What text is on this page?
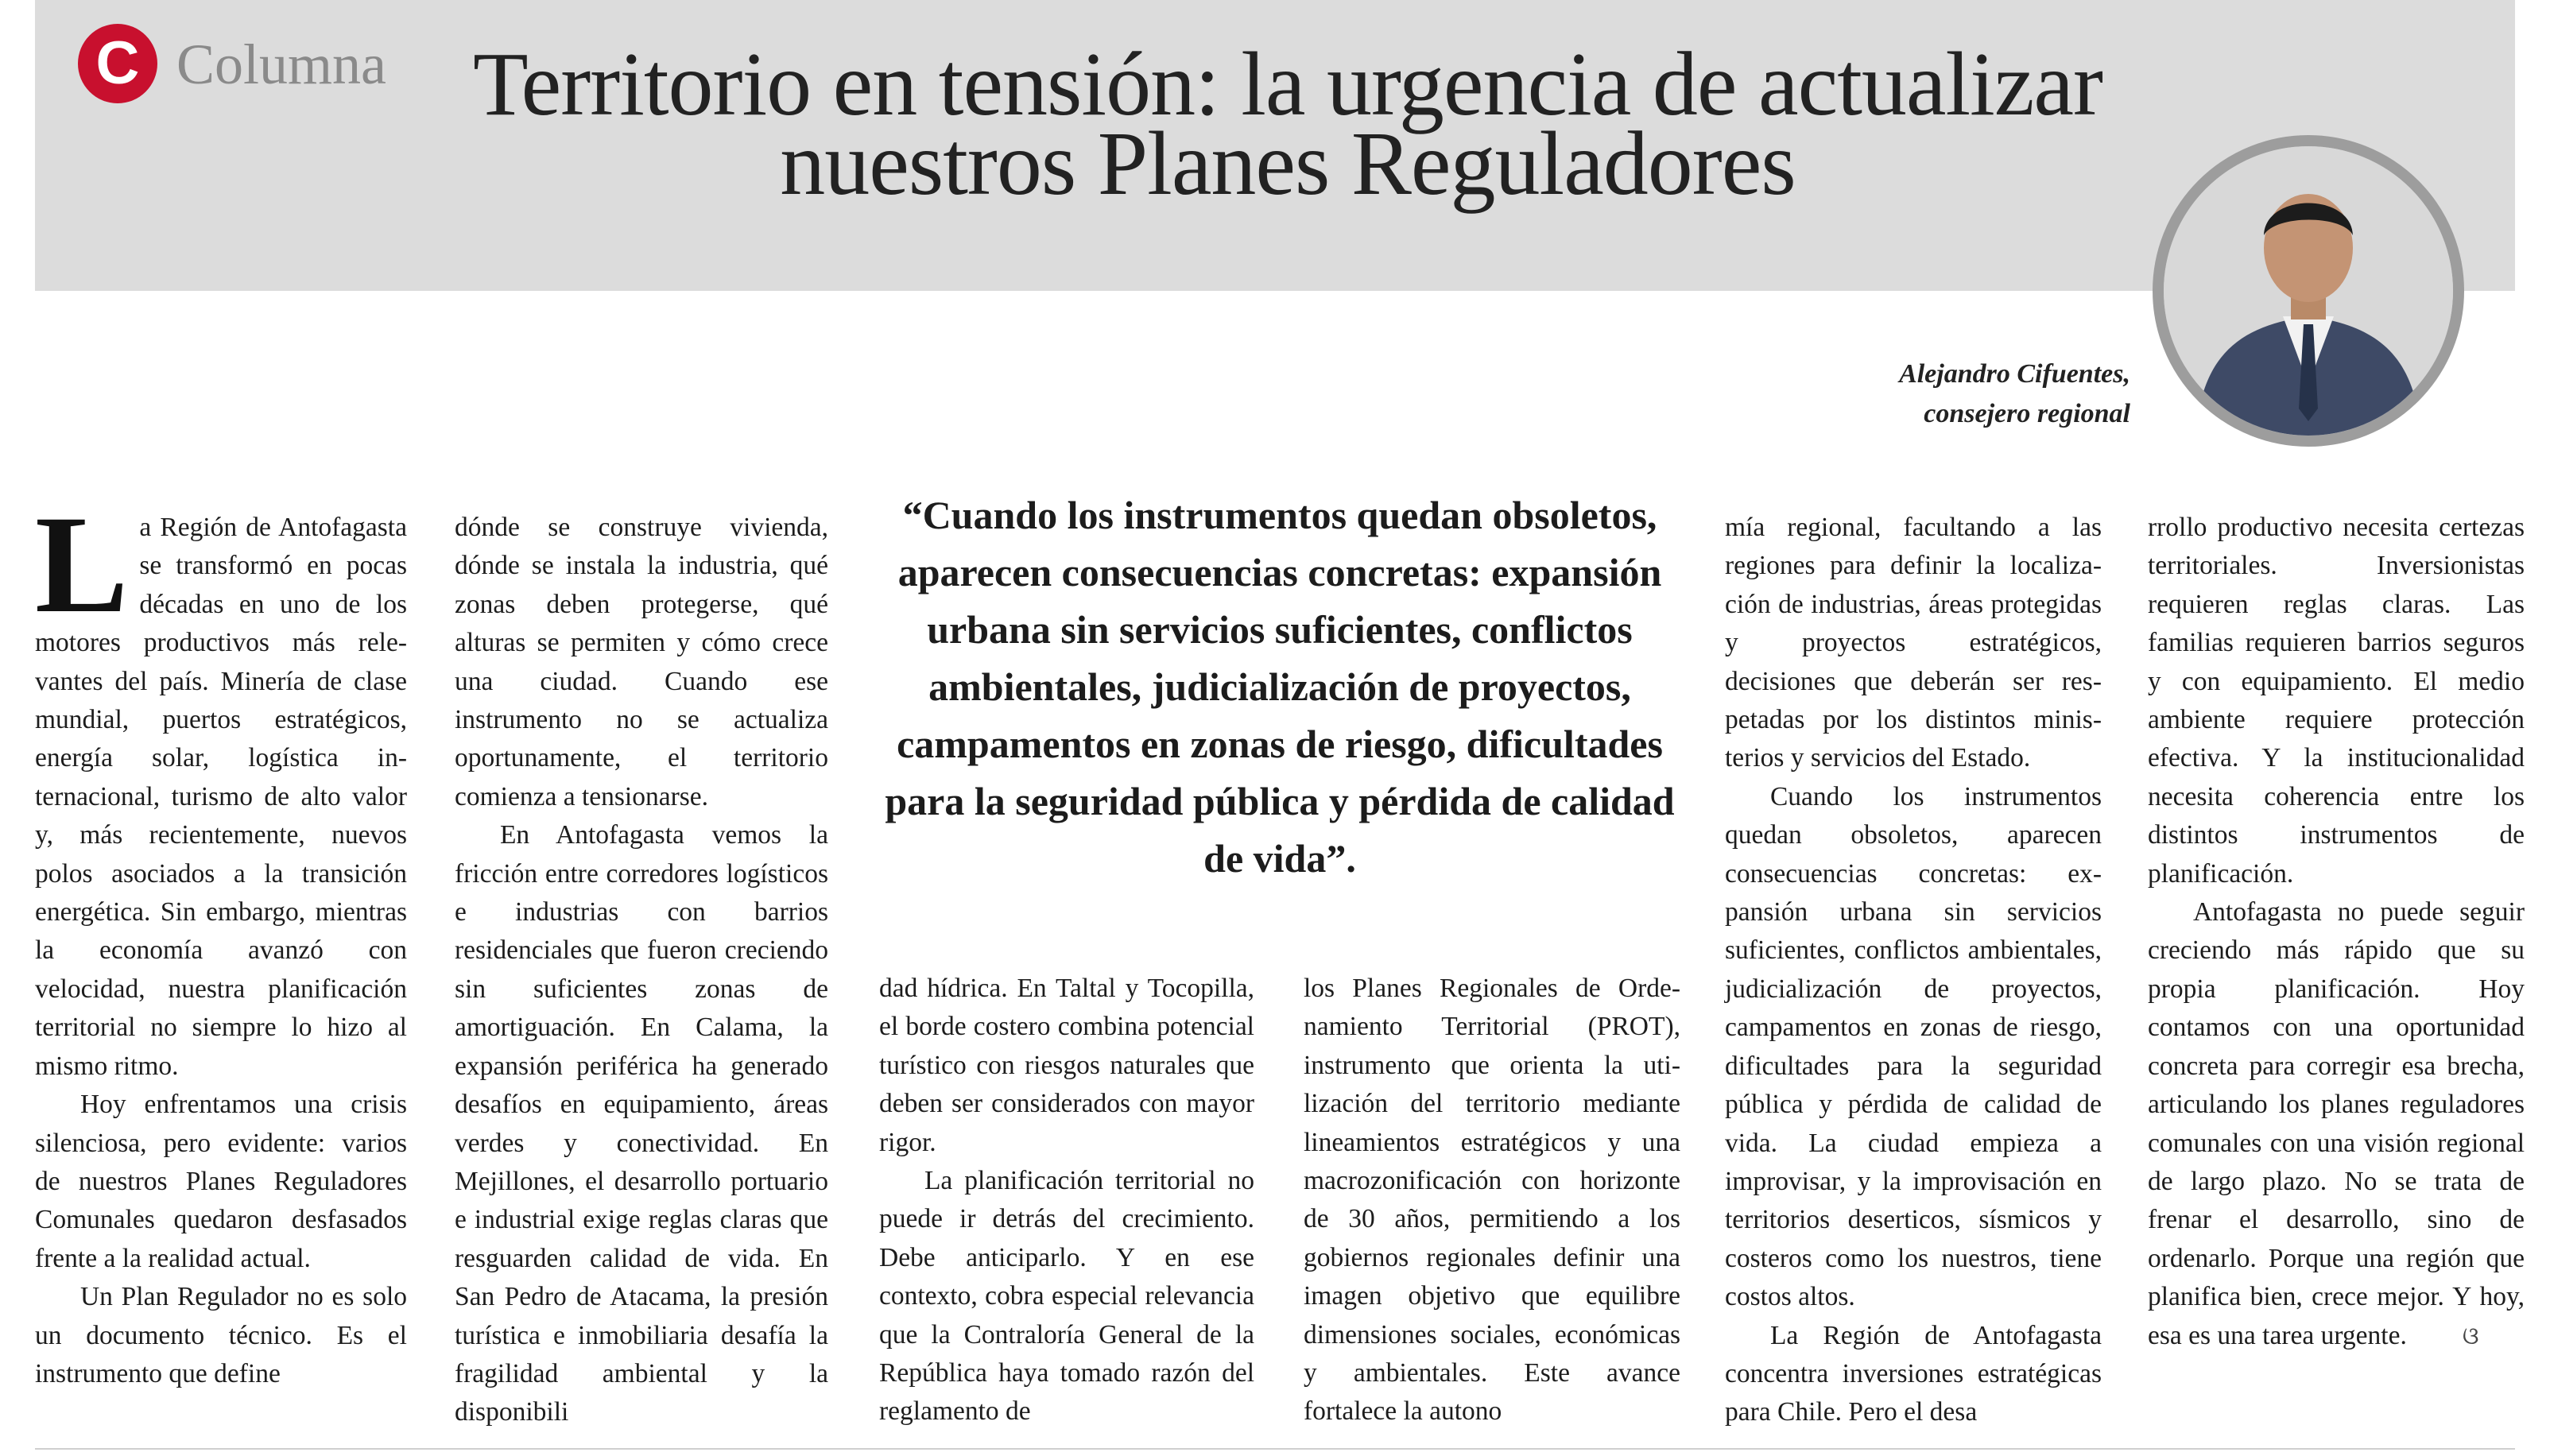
C Columna Territorio en tensión: la urgencia de actualizar
nuestros Planes Reguladores
Alejandro Cifuentes,
consejero regional

La Región de Antofagasta se transformó en pocas décadas en uno de los motores productivos más relevantes del país. Minería de clase mundial, puertos estratégicos, energía solar, logística internacional, turismo de alto valor y, más recientemente, nuevos polos asociados a la transición energética. Sin embargo, mientras la economía avanzó con velocidad, nuestra planificación territorial no siempre lo hizo al mismo ritmo.

Hoy enfrentamos una crisis silenciosa, pero evidente: varios de nuestros Planes Reguladores Comunales quedaron desfasados frente a la realidad actual.

Un Plan Regulador no es solo un documento técnico. Es el instrumento que define

dónde se construye vivienda, dónde se instala la industria, qué zonas deben protegerse, qué alturas se permiten y cómo crece una ciudad. Cuando ese instrumento no se actualiza oportunamente, el territorio comienza a tensionarse.

En Antofagasta vemos la fricción entre corredores logísticos e industrias con barrios residenciales que fueron creciendo sin suficientes zonas de amortiguación. En Calama, la expansión periférica ha generado desafíos en equipamiento, áreas verdes y conectividad. En Mejillones, el desarrollo portuario e industrial exige reglas claras que resguarden calidad de vida. En San Pedro de Atacama, la presión turística e inmobiliaria desafía la fragilidad ambiental y la disponibili

“Cuando los instrumentos quedan obsoletos, aparecen consecuencias concretas: expansión urbana sin servicios suficientes, conflictos ambientales, judicialización de proyectos, campamentos en zonas de riesgo, dificultades para la seguridad pública y pérdida de calidad de vida”.

dad hídrica. En Taltal y Tocopilla, el borde costero combina potencial turístico con riesgos naturales que deben ser considerados con mayor rigor.

La planificación territorial no puede ir detrás del crecimiento. Debe anticiparlo. Y en ese contexto, cobra especial relevancia que la Contraloría General de la República haya tomado razón del reglamento de

los Planes Regionales de Ordenamiento Territorial (PROT), instrumento que orienta la utilización del territorio mediante lineamientos estratégicos y una macrozonificación con horizonte de 30 años, permitiendo a los gobiernos regionales definir una imagen objetivo que equilibre dimensiones sociales, económicas y ambientales. Este avance fortalece la autono

mía regional, facultando a las regiones para definir la localización de industrias, áreas protegidas y proyectos estratégicos, decisiones que deberán ser respetadas por los distintos ministerios y servicios del Estado.

Cuando los instrumentos quedan obsoletos, aparecen consecuencias concretas: expansión urbana sin servicios suficientes, conflictos ambientales, judicialización de proyectos, campamentos en zonas de riesgo, dificultades para la seguridad pública y pérdida de calidad de vida. La ciudad empieza a improvisar, y la improvisación en territorios deserticos, sísmicos y costeros como los nuestros, tiene costos altos.

La Región de Antofagasta concentra inversiones estratégicas para Chile. Pero el desa

rrollo productivo necesita certezas territoriales. Inversionistas requieren reglas claras. Las familias requieren barrios seguros y con equipamiento. El medio ambiente requiere protección efectiva. Y la institucionalidad necesita coherencia entre los distintos instrumentos de planificación.

Antofagasta no puede seguir creciendo más rápido que su propia planificación. Hoy contamos con una oportunidad concreta para corregir esa brecha, articulando los planes reguladores comunales con una visión regional de largo plazo. No se trata de frenar el desarrollo, sino de ordenarlo. Porque una región que planifica bien, crece mejor. Y hoy, esa es una tarea urgente. ଓ
